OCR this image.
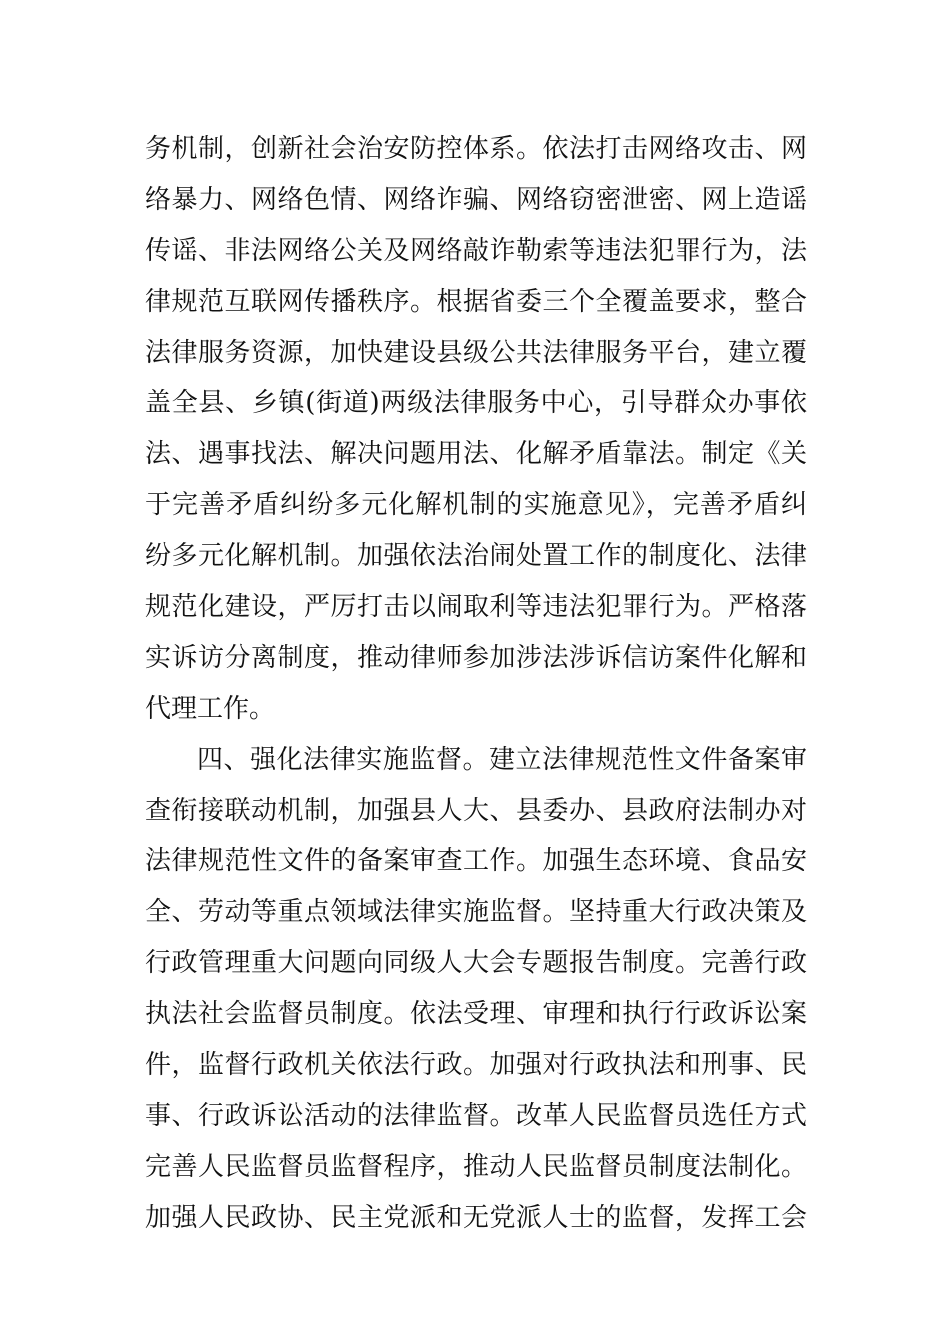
务机制，创新社会治安防控体系。依法打击网络攻击、网
络暴力、网络色情、网络诈骗、网络窃密泄密、网上造谣
传谣、非法网络公关及网络敲诈勒索等违法犯罪行为，法
律规范互联网传播秩序。根据省委三个全覆盖要求，整合
法律服务资源，加快建设县级公共法律服务平台，建立覆
盖全县、乡镇(街道)两级法律服务中心，引导群众办事依
法、遇事找法、解决问题用法、化解矛盾靠法。制定《关
于完善矛盾纠纷多元化解机制的实施意见》，完善矛盾纠
纷多元化解机制。加强依法治闹处置工作的制度化、法律
规范化建设，严厉打击以闹取利等违法犯罪行为。严格落
实诉访分离制度，推动律师参加涉法涉诉信访案件化解和
代理工作。
四、强化法律实施监督。建立法律规范性文件备案审
查衔接联动机制，加强县人大、县委办、县政府法制办对
法律规范性文件的备案审查工作。加强生态环境、食品安
全、劳动等重点领域法律实施监督。坚持重大行政决策及
行政管理重大问题向同级人大会专题报告制度。完善行政
执法社会监督员制度。依法受理、审理和执行行政诉讼案
件，监督行政机关依法行政。加强对行政执法和刑事、民
事、行政诉讼活动的法律监督。改革人民监督员选任方式
完善人民监督员监督程序，推动人民监督员制度法制化。
加强人民政协、民主党派和无党派人士的监督，发挥工会
